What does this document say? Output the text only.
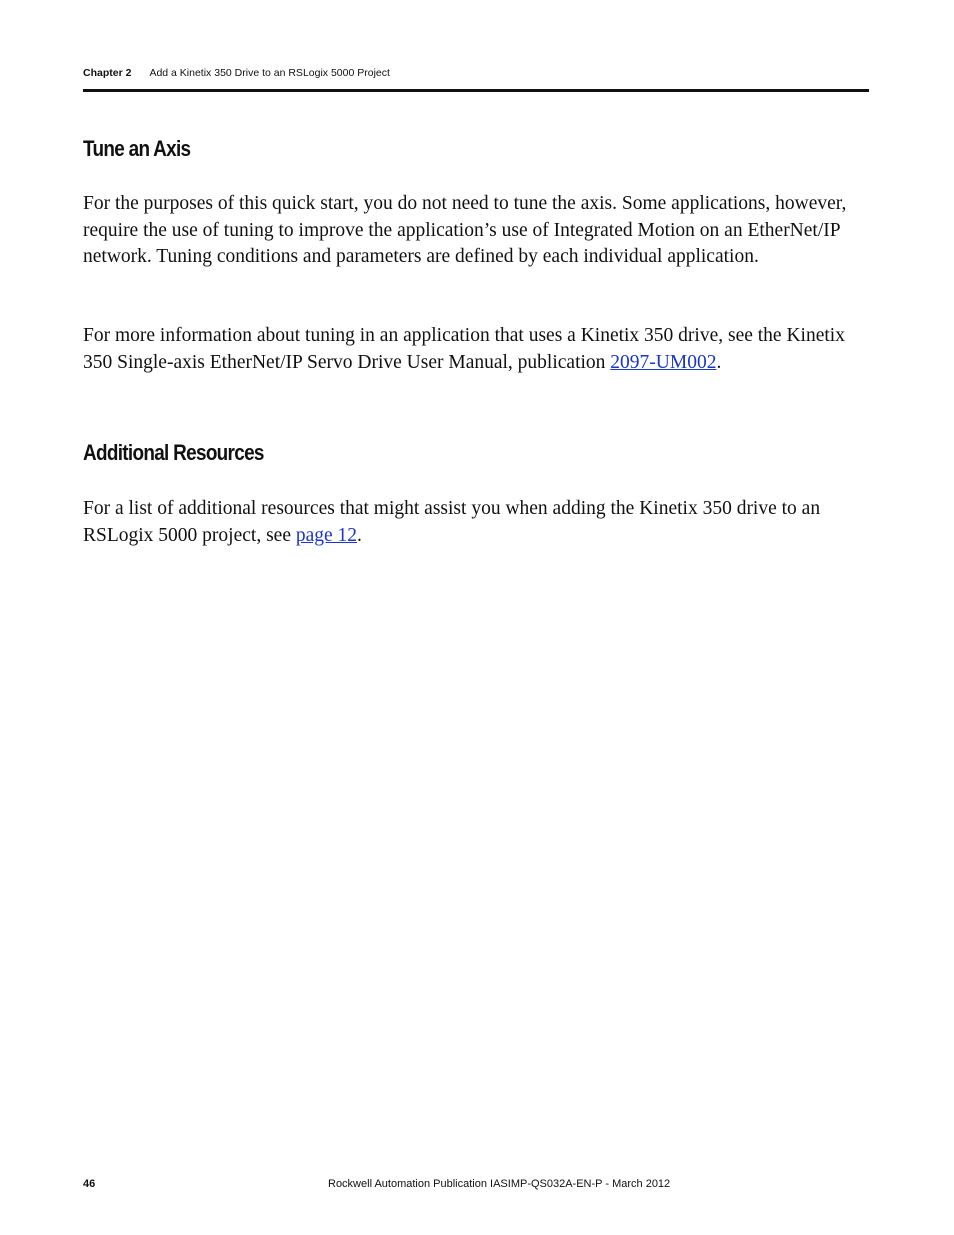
Chapter 2 Add a Kinetix 350 Drive to an RSLogix 5000 Project
Tune an Axis

For the purposes of this quick start, you do not need to tune the axis. Some applications, however, require the use of tuning to improve the application’s use of Integrated Motion on an EtherNet/IP network. Tuning conditions and parameters are defined by each individual application.

For more information about tuning in an application that uses a Kinetix 350 drive, see the Kinetix 350 Single-axis EtherNet/IP Servo Drive User Manual, publication 2097-UM002.

Additional Resources

For a list of additional resources that might assist you when adding the Kinetix 350 drive to an RSLogix 5000 project, see page 12.

46	Rockwell Automation Publication IASIMP-QS032A-EN-P - March 2012
